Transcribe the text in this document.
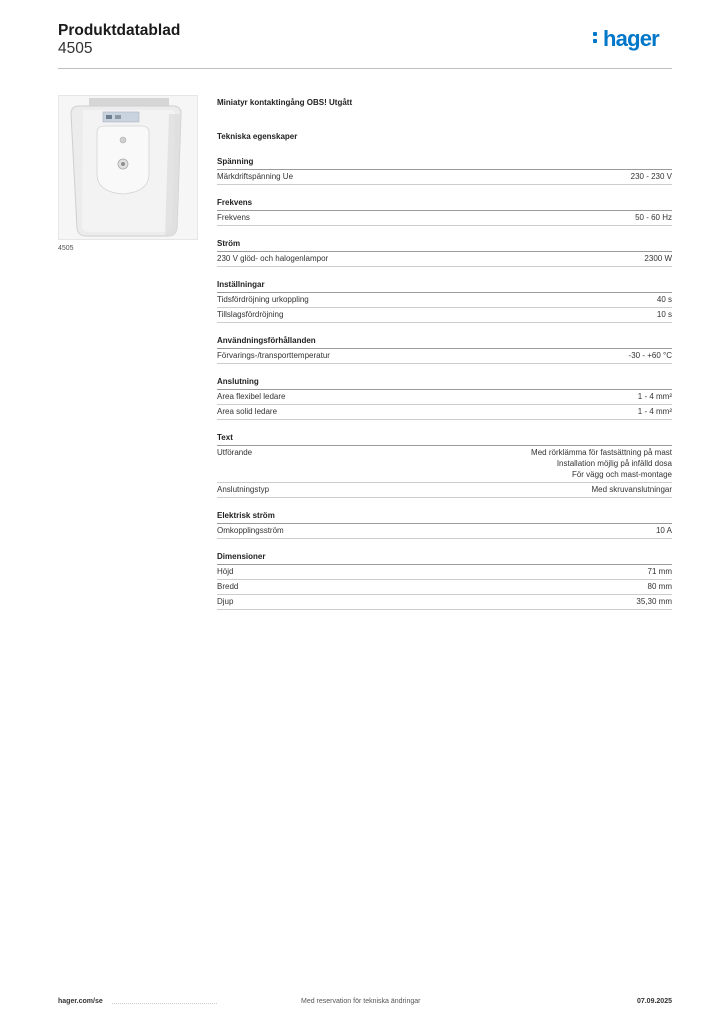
Produktdatablad
4505	hager
4505
Miniatyr kontaktingång OBS! Utgått
Tekniska egenskaper
Spänning
Märkdriftspänning Ue	230 - 230 V
Frekvens
Frekvens	50 - 60 Hz
Ström
230 V glöd- och halogenlampor	2300 W
Inställningar
Tidsfördröjning urkoppling	40 s
Tillslagsfördröjning	10 s
Användningsförhållanden
Förvarings-/transporttemperatur	-30 - +60 °C
Anslutning
Area flexibel ledare	1 - 4 mm²
Area solid ledare	1 - 4 mm²
Text
Utförande	Med rörklämma för fastsättning på mast
Installation möjlig på infälld dosa
För vägg och mast-montage
Anslutningstyp	Med skruvanslutningar
Elektrisk ström
Omkopplingsström	10 A
Dimensioner
Höjd	71 mm
Bredd	80 mm
Djup	35,30 mm
hager.com/se	Med reservation för tekniska ändringar	07.09.2025
